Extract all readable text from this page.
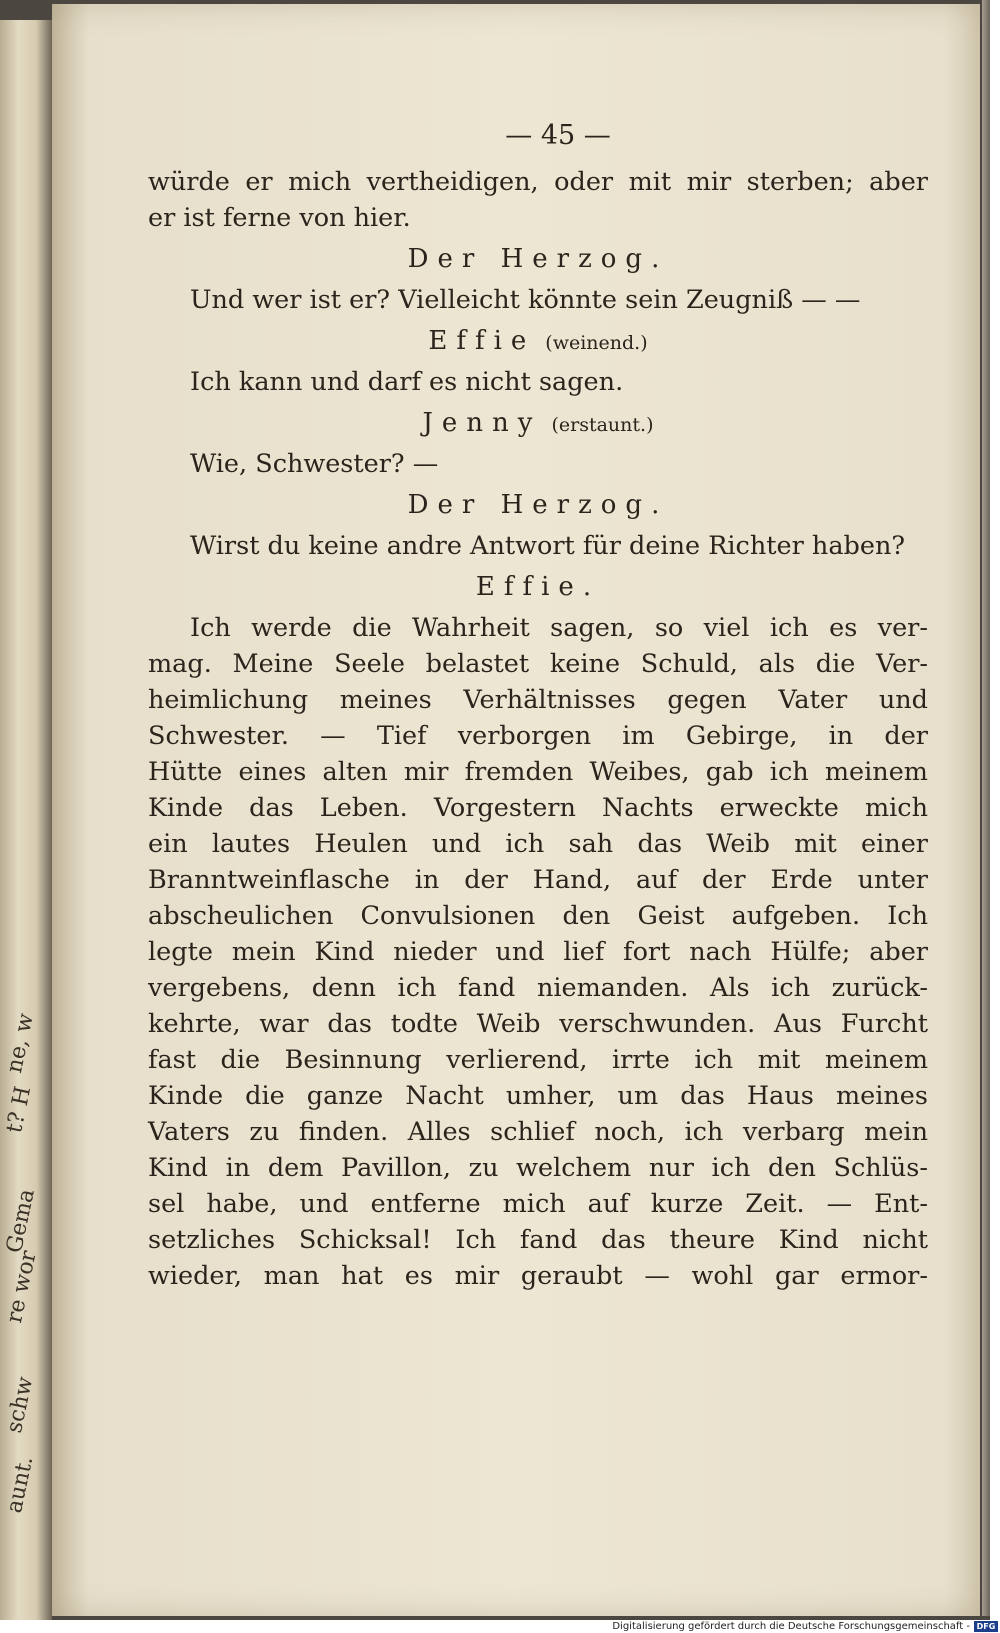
ne, w
t? H
Gema
re wor
schw
aunt.
— 45 —
würde er mich vertheidigen, oder mit mir sterben; aber
er ist ferne von hier.
Der Herzog.
Und wer ist er? Vielleicht könnte sein Zeugniß — —
Effie (weinend.)
Ich kann und darf es nicht sagen.
Jenny (erstaunt.)
Wie, Schwester? —
Der Herzog.
Wirst du keine andre Antwort für deine Richter haben?
Effie.
Ich werde die Wahrheit sagen, so viel ich es ver-
mag. Meine Seele belastet keine Schuld, als die Ver-
heimlichung meines Verhältnisses gegen Vater und
Schwester. — Tief verborgen im Gebirge, in der
Hütte eines alten mir fremden Weibes, gab ich meinem
Kinde das Leben. Vorgestern Nachts erweckte mich
ein lautes Heulen und ich sah das Weib mit einer
Branntweinflasche in der Hand, auf der Erde unter
abscheulichen Convulsionen den Geist aufgeben. Ich
legte mein Kind nieder und lief fort nach Hülfe; aber
vergebens, denn ich fand niemanden. Als ich zurück-
kehrte, war das todte Weib verschwunden. Aus Furcht
fast die Besinnung verlierend, irrte ich mit meinem
Kinde die ganze Nacht umher, um das Haus meines
Vaters zu finden. Alles schlief noch, ich verbarg mein
Kind in dem Pavillon, zu welchem nur ich den Schlüs-
sel habe, und entferne mich auf kurze Zeit. — Ent-
setzliches Schicksal! Ich fand das theure Kind nicht
wieder, man hat es mir geraubt — wohl gar ermor-
Digitalisierung gefördert durch die Deutsche Forschungsgemeinschaft - DFG
